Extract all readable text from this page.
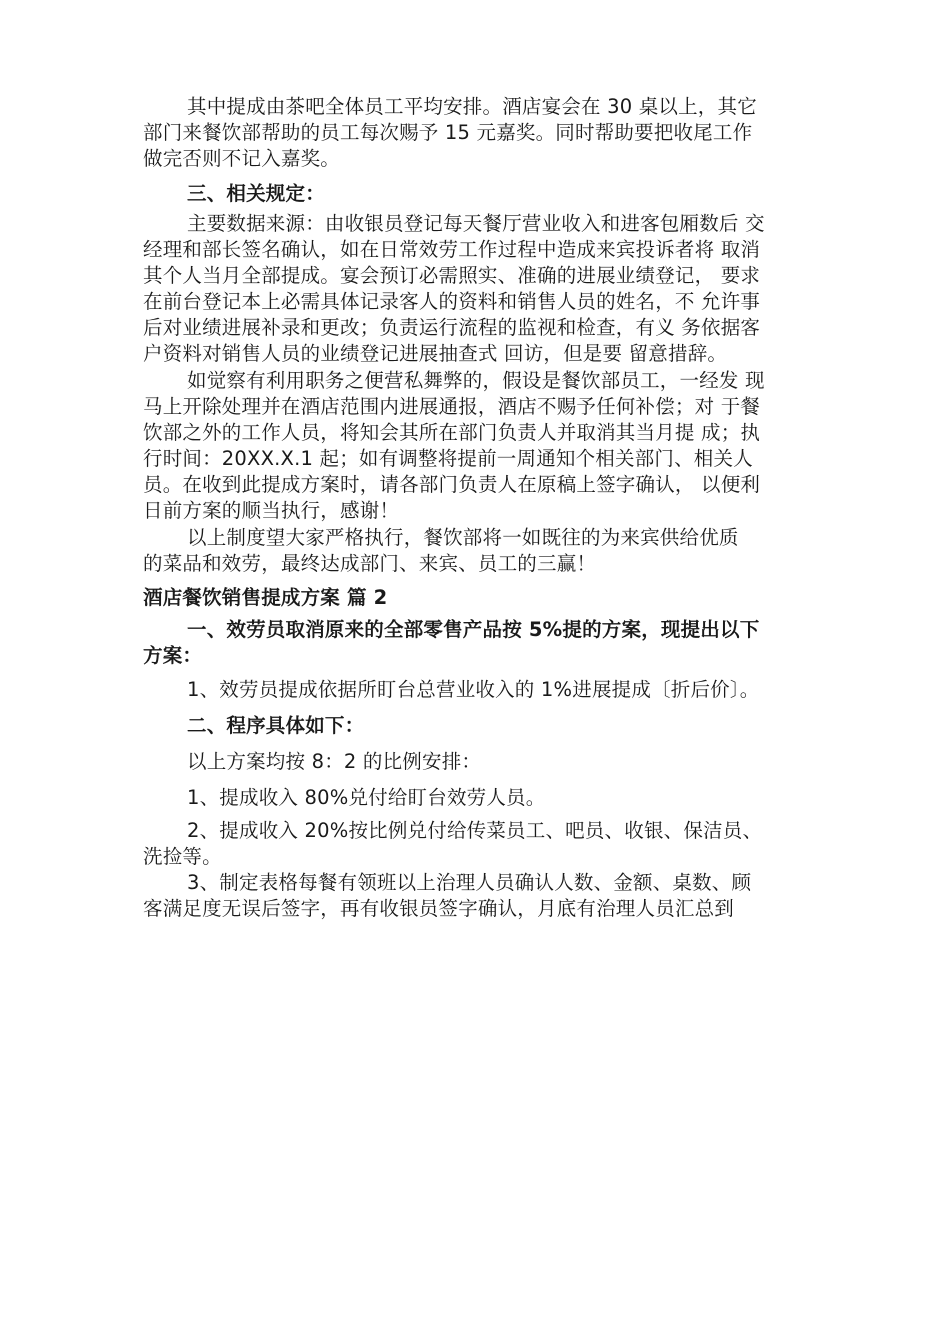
其中提成由茶吧全体员工平均安排。酒店宴会在 30 桌以上，其它
部门来餐饮部帮助的员工每次赐予 15 元嘉奖。同时帮助要把收尾工作
做完否则不记入嘉奖。
三、相关规定：
主要数据来源：由收银员登记每天餐厅营业收入和进客包厢数后 交
经理和部长签名确认，如在日常效劳工作过程中造成来宾投诉者将 取消
其个人当月全部提成。宴会预订必需照实、准确的进展业绩登记， 要求
在前台登记本上必需具体记录客人的资料和销售人员的姓名，不 允许事
后对业绩进展补录和更改；负责运行流程的监视和检查，有义 务依据客
户资料对销售人员的业绩登记进展抽查式 回访，但是要 留意措辞。
如觉察有利用职务之便营私舞弊的，假设是餐饮部员工，一经发 现
马上开除处理并在酒店范围内进展通报，酒店不赐予任何补偿；对 于餐
饮部之外的工作人员，将知会其所在部门负责人并取消其当月提 成；执
行时间：20XX.X.1 起；如有调整将提前一周通知个相关部门、相关人
员。在收到此提成方案时，请各部门负责人在原稿上签字确认， 以便利
日前方案的顺当执行，感谢！
以上制度望大家严格执行，餐饮部将一如既往的为来宾供给优质
的菜品和效劳，最终达成部门、来宾、员工的三赢！
酒店餐饮销售提成方案 篇 2
一、效劳员取消原来的全部零售产品按 5%提的方案，现提出以下
方案：
1、效劳员提成依据所盯台总营业收入的 1%进展提成〔折后价〕。
二、程序具体如下：
以上方案均按 8：2 的比例安排：
1、提成收入 80%兑付给盯台效劳人员。
2、提成收入 20%按比例兑付给传菜员工、吧员、收银、保洁员、
洗捡等。
3、制定表格每餐有领班以上治理人员确认人数、金额、桌数、顾
客满足度无误后签字，再有收银员签字确认，月底有治理人员汇总到
